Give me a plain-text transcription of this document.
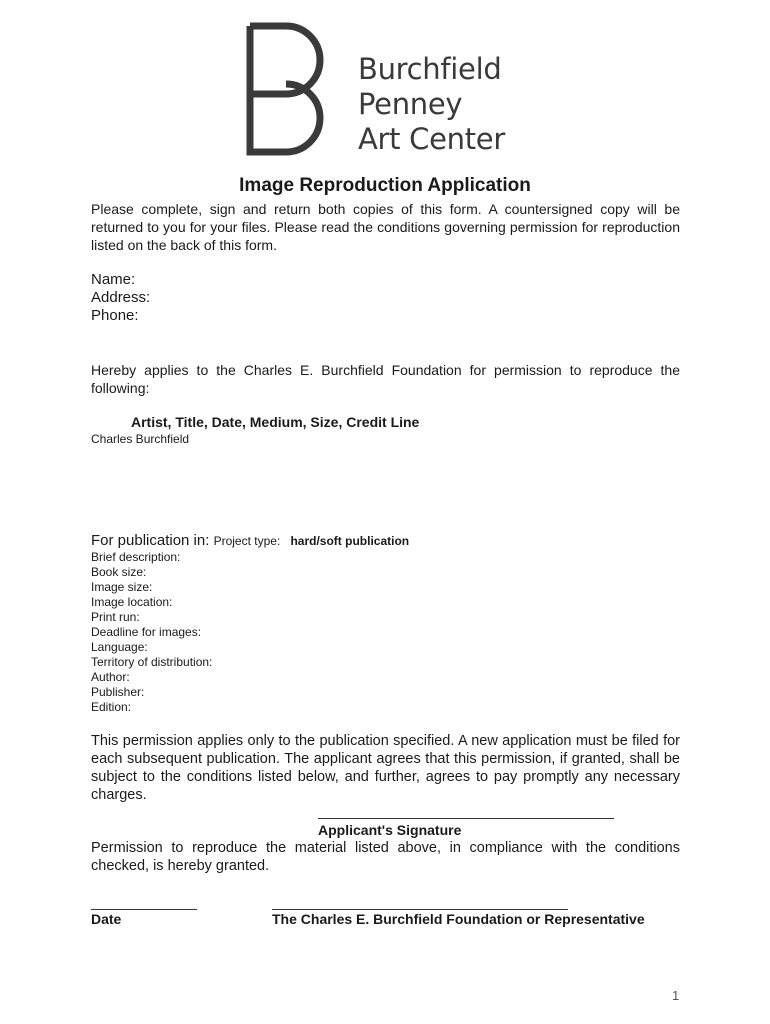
Burchfield
Penney
Art Center
Image Reproduction Application
Please complete, sign and return both copies of this form. A countersigned copy will be returned to you for your files. Please read the conditions governing permission for reproduction listed on the back of this form.
Name:
Address:
Phone:
Hereby applies to the Charles E. Burchfield Foundation for permission to reproduce the following:
Artist, Title, Date, Medium, Size, Credit Line
Charles Burchfield
For publication in: Project type: hard/soft publication
Brief description:
Book size:
Image size:
Image location:
Print run:
Deadline for images:
Language:
Territory of distribution:
Author:
Publisher:
Edition:
This permission applies only to the publication specified. A new application must be filed for each subsequent publication. The applicant agrees that this permission, if granted, shall be subject to the conditions listed below, and further, agrees to pay promptly any necessary charges.
Applicant's Signature
Permission to reproduce the material listed above, in compliance with the conditions checked, is hereby granted.
Date	The Charles E. Burchfield Foundation or Representative
1
